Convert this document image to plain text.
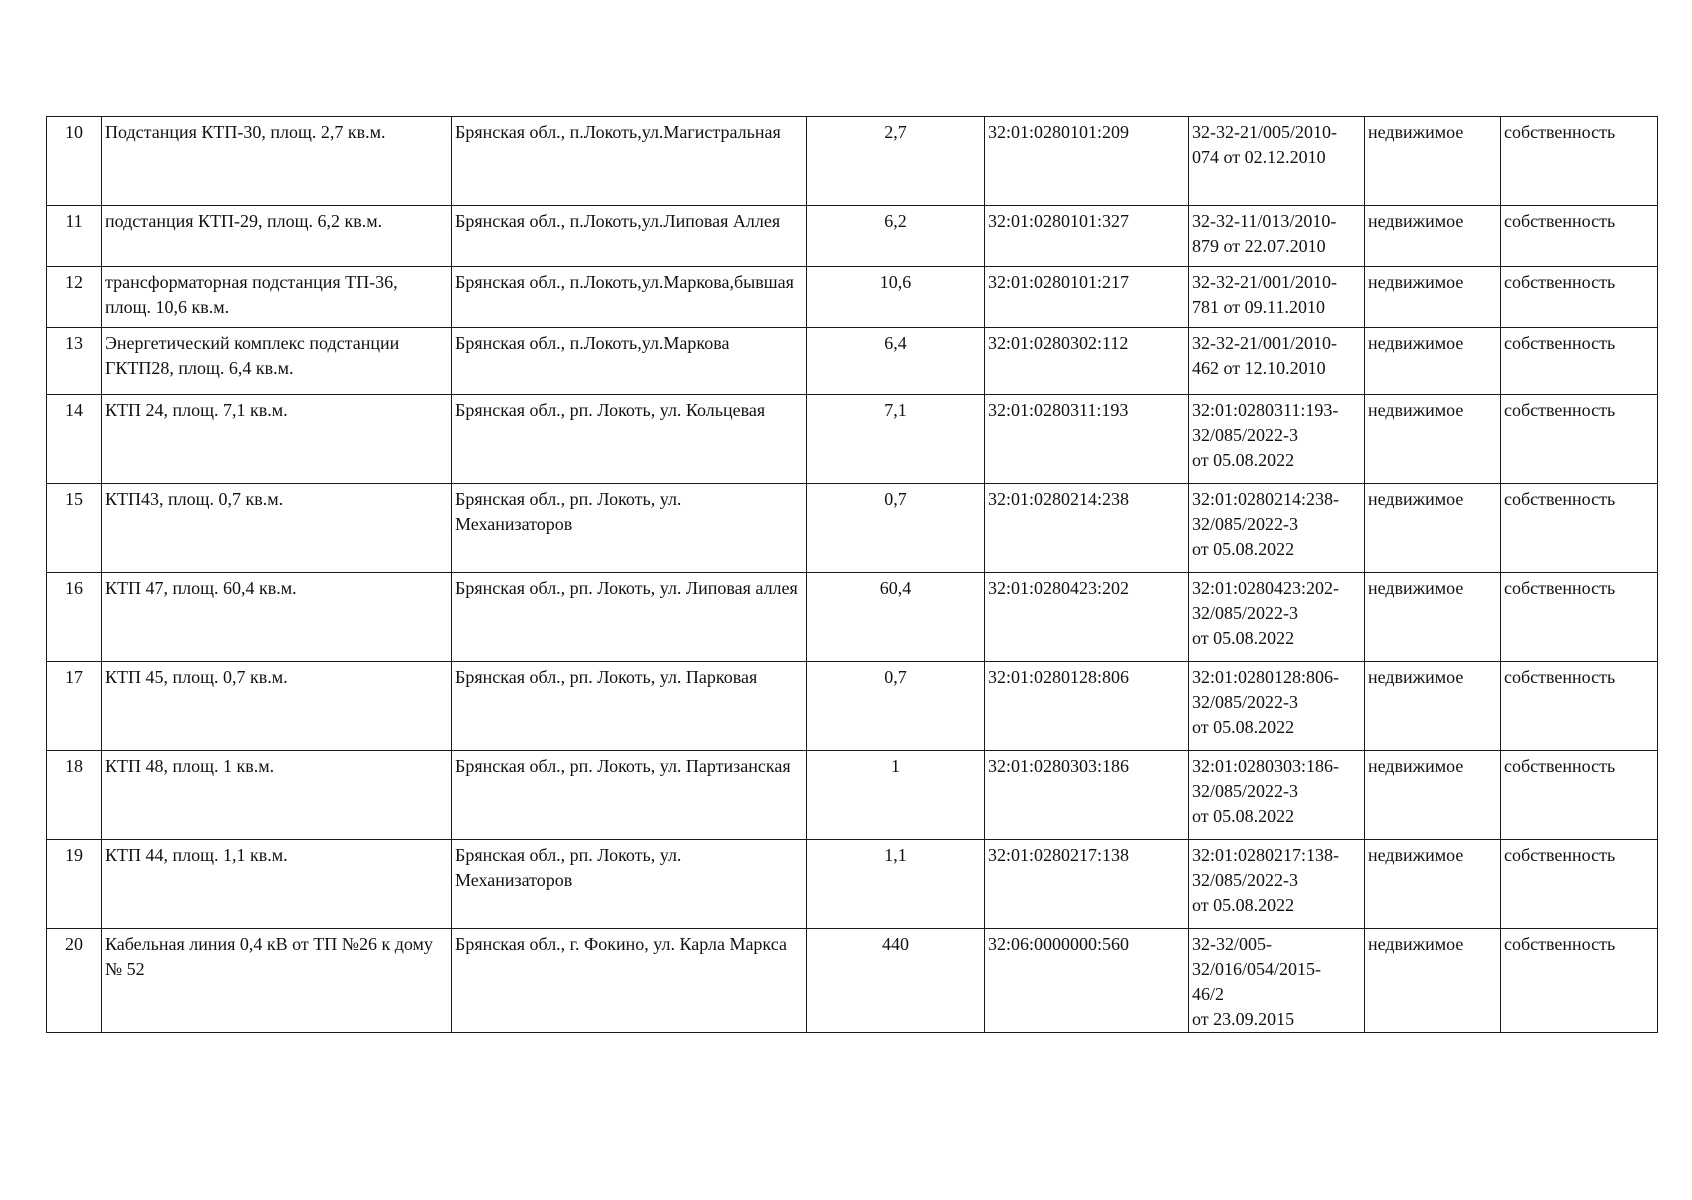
10	Подстанция КТП-30, площ. 2,7 кв.м.	Брянская обл., п.Локоть,ул.Магистральная	2,7	32:01:0280101:209	32-32-21/005/2010-
074 от 02.12.2010	недвижимое	собственность
11	подстанция КТП-29, площ. 6,2 кв.м.	Брянская обл., п.Локоть,ул.Липовая Аллея	6,2	32:01:0280101:327	32-32-11/013/2010-
879 от 22.07.2010	недвижимое	собственность
12	трансформаторная подстанция ТП-36, площ. 10,6 кв.м.	Брянская обл., п.Локоть,ул.Маркова,бывшая	10,6	32:01:0280101:217	32-32-21/001/2010-
781 от 09.11.2010	недвижимое	собственность
13	Энергетический комплекс подстанции ГКТП28, площ. 6,4 кв.м.	Брянская обл., п.Локоть,ул.Маркова	6,4	32:01:0280302:112	32-32-21/001/2010-
462 от 12.10.2010	недвижимое	собственность
14	КТП 24, площ. 7,1 кв.м.	Брянская обл., рп. Локоть, ул. Кольцевая	7,1	32:01:0280311:193	32:01:0280311:193-
32/085/2022-3
от 05.08.2022	недвижимое	собственность
15	КТП43, площ. 0,7 кв.м.	Брянская обл., рп. Локоть, ул. Механизаторов	0,7	32:01:0280214:238	32:01:0280214:238-
32/085/2022-3
от 05.08.2022	недвижимое	собственность
16	КТП 47, площ. 60,4 кв.м.	Брянская обл., рп. Локоть, ул. Липовая аллея	60,4	32:01:0280423:202	32:01:0280423:202-
32/085/2022-3
от 05.08.2022	недвижимое	собственность
17	КТП 45, площ. 0,7 кв.м.	Брянская обл., рп. Локоть, ул. Парковая	0,7	32:01:0280128:806	32:01:0280128:806-
32/085/2022-3
от 05.08.2022	недвижимое	собственность
18	КТП 48, площ. 1 кв.м.	Брянская обл., рп. Локоть, ул. Партизанская	1	32:01:0280303:186	32:01:0280303:186-
32/085/2022-3
от 05.08.2022	недвижимое	собственность
19	КТП 44, площ. 1,1 кв.м.	Брянская обл., рп. Локоть, ул. Механизаторов	1,1	32:01:0280217:138	32:01:0280217:138-
32/085/2022-3
от 05.08.2022	недвижимое	собственность
20	Кабельная линия 0,4 кВ от ТП №26 к дому № 52	Брянская обл., г. Фокино, ул. Карла Маркса	440	32:06:0000000:560	32-32/005-
32/016/054/2015-
46/2
от 23.09.2015	недвижимое	собственность
